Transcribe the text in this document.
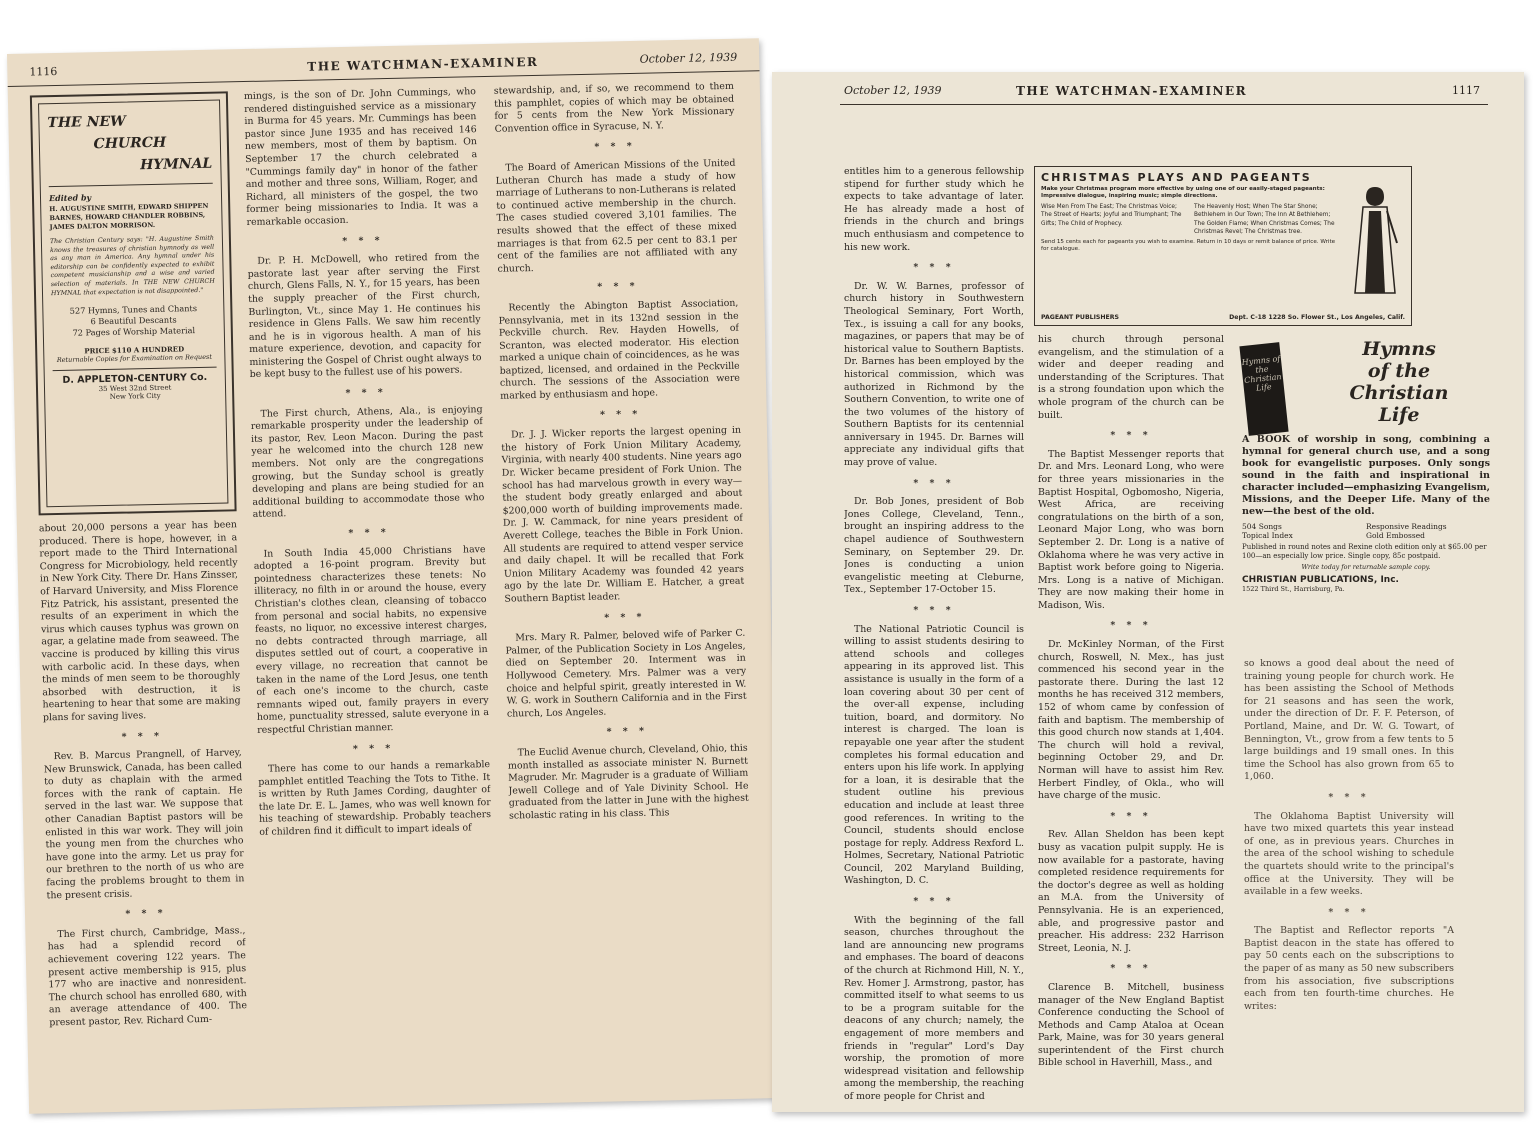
1116	THE WATCHMAN-EXAMINER	October 12, 1939
THE NEW
CHURCH
HYMNAL
Edited by
H. AUGUSTINE SMITH, EDWARD SHIPPEN BARNES, HOWARD CHANDLER ROBBINS, JAMES DALTON MORRISON.
The Christian Century says: "H. Augustine Smith knows the treasures of christian hymnody as well as any man in America. Any hymnal under his editorship can be confidently expected to exhibit competent musicianship and a wise and varied selection of materials. In THE NEW CHURCH HYMNAL that expectation is not disappointed."
527 Hymns, Tunes and Chants
6 Beautiful Descants
72 Pages of Worship Material
PRICE $110 A HUNDRED
Returnable Copies for Examination on Request
D. APPLETON-CENTURY Co.
35 West 32nd Street
New York City

about 20,000 persons a year has been produced. There is hope, however, in a report made to the Third International Congress for Microbiology, held recently in New York City. There Dr. Hans Zinsser, of Harvard University, and Miss Florence Fitz Patrick, his assistant, presented the results of an experiment in which the virus which causes typhus was grown on agar, a gelatine made from seaweed. The vaccine is produced by killing this virus with carbolic acid. In these days, when the minds of men seem to be thoroughly absorbed with destruction, it is heartening to hear that some are making plans for saving lives.

* * *

Rev. B. Marcus Prangnell, of Harvey, New Brunswick, Canada, has been called to duty as chaplain with the armed forces with the rank of captain. He served in the last war. We suppose that other Canadian Baptist pastors will be enlisted in this war work. They will join the young men from the churches who have gone into the army. Let us pray for our brethren to the north of us who are facing the problems brought to them in the present crisis.

* * *

The First church, Cambridge, Mass., has had a splendid record of achievement covering 122 years. The present active membership is 915, plus 177 who are inactive and nonresident. The church school has enrolled 680, with an average attendance of 400. The present pastor, Rev. Richard Cum-

mings, is the son of Dr. John Cummings, who rendered distinguished service as a missionary in Burma for 45 years. Mr. Cummings has been pastor since June 1935 and has received 146 new members, most of them by baptism. On September 17 the church celebrated a "Cummings family day" in honor of the father and mother and three sons, William, Roger, and Richard, all ministers of the gospel, the two former being missionaries to India. It was a remarkable occasion.

* * *

Dr. P. H. McDowell, who retired from the pastorate last year after serving the First church, Glens Falls, N. Y., for 15 years, has been the supply preacher of the First church, Burlington, Vt., since May 1. He continues his residence in Glens Falls. We saw him recently and he is in vigorous health. A man of his mature experience, devotion, and capacity for ministering the Gospel of Christ ought always to be kept busy to the fullest use of his powers.

* * *

The First church, Athens, Ala., is enjoying remarkable prosperity under the leadership of its pastor, Rev. Leon Macon. During the past year he welcomed into the church 128 new members. Not only are the congregations growing, but the Sunday school is greatly developing and plans are being studied for an additional building to accommodate those who attend.

* * *

In South India 45,000 Christians have adopted a 16-point program. Brevity but pointedness characterizes these tenets: No illiteracy, no filth in or around the house, every Christian's clothes clean, cleansing of tobacco from personal and social habits, no expensive feasts, no liquor, no excessive interest charges, no debts contracted through marriage, all disputes settled out of court, a cooperative in every village, no recreation that cannot be taken in the name of the Lord Jesus, one tenth of each one's income to the church, caste remnants wiped out, family prayers in every home, punctuality stressed, salute everyone in a respectful Christian manner.

* * *

There has come to our hands a remarkable pamphlet entitled Teaching the Tots to Tithe. It is written by Ruth James Cording, daughter of the late Dr. E. L. James, who was well known for his teaching of stewardship. Probably teachers of children find it difficult to impart ideals of

stewardship, and, if so, we recommend to them this pamphlet, copies of which may be obtained for 5 cents from the New York Missionary Convention office in Syracuse, N. Y.

* * *

The Board of American Missions of the United Lutheran Church has made a study of how marriage of Lutherans to non-Lutherans is related to continued active membership in the church. The cases studied covered 3,101 families. The results showed that the effect of these mixed marriages is that from 62.5 per cent to 83.1 per cent of the families are not affiliated with any church.

* * *

Recently the Abington Baptist Association, Pennsylvania, met in its 132nd session in the Peckville church. Rev. Hayden Howells, of Scranton, was elected moderator. His election marked a unique chain of coincidences, as he was baptized, licensed, and ordained in the Peckville church. The sessions of the Association were marked by enthusiasm and hope.

* * *

Dr. J. J. Wicker reports the largest opening in the history of Fork Union Military Academy, Virginia, with nearly 400 students. Nine years ago Dr. Wicker became president of Fork Union. The school has had marvelous growth in every way—the student body greatly enlarged and about $200,000 worth of building improvements made. Dr. J. W. Cammack, for nine years president of Averett College, teaches the Bible in Fork Union. All students are required to attend vesper service and daily chapel. It will be recalled that Fork Union Military Academy was founded 42 years ago by the late Dr. William E. Hatcher, a great Southern Baptist leader.

* * *

Mrs. Mary R. Palmer, beloved wife of Parker C. Palmer, of the Publication Society in Los Angeles, died on September 20. Interment was in Hollywood Cemetery. Mrs. Palmer was a very choice and helpful spirit, greatly interested in W. W. G. work in Southern California and in the First church, Los Angeles.

* * *

The Euclid Avenue church, Cleveland, Ohio, this month installed as associate minister N. Burnett Magruder. Mr. Magruder is a graduate of William Jewell College and of Yale Divinity School. He graduated from the latter in June with the highest scholastic rating in his class. This

October 12, 1939	THE WATCHMAN-EXAMINER	1117
CHRISTMAS PLAYS AND PAGEANTS
Make your Christmas program more effective by using one of our easily-staged pageants: Impressive dialogue, inspiring music; simple directions.
Wise Men From The East; The Christmas Voice; The Street of Hearts; Joyful and Triumphant; The Gifts; The Child of Prophecy.
The Heavenly Host; When The Star Shone; Bethlehem in Our Town; The Inn At Bethlehem; The Golden Flame; When Christmas Comes; The Christmas Revel; The Christmas tree.
Send 15 cents each for pageants you wish to examine. Return in 10 days or remit balance of price. Write for catalogue.
PAGEANT PUBLISHERS	Dept. C-18 1228 So. Flower St., Los Angeles, Calif.
Hymns of the Christian Life
Hymns
of the
Christian
Life
A BOOK of worship in song, combining a hymnal for general church use, and a song book for evangelistic purposes. Only songs sound in the faith and inspirational in character included—emphasizing Evangelism, Missions, and the Deeper Life. Many of the new—the best of the old.
504 Songs	Responsive Readings
Topical Index	Gold Embossed
Published in round notes and Rexine cloth edition only at $65.00 per 100—an especially low price. Single copy, 85c postpaid.
Write today for returnable sample copy.
CHRISTIAN PUBLICATIONS, Inc.
1522 Third St., Harrisburg, Pa.

entitles him to a generous fellowship stipend for further study which he expects to take advantage of later. He has already made a host of friends in the church and brings much enthusiasm and competence to his new work.

* * *

Dr. W. W. Barnes, professor of church history in Southwestern Theological Seminary, Fort Worth, Tex., is issuing a call for any books, magazines, or papers that may be of historical value to Southern Baptists. Dr. Barnes has been employed by the historical commission, which was authorized in Richmond by the Southern Convention, to write one of the two volumes of the history of Southern Baptists for its centennial anniversary in 1945. Dr. Barnes will appreciate any individual gifts that may prove of value.

* * *

Dr. Bob Jones, president of Bob Jones College, Cleveland, Tenn., brought an inspiring address to the chapel audience of Southwestern Seminary, on September 29. Dr. Jones is conducting a union evangelistic meeting at Cleburne, Tex., September 17-October 15.

* * *

The National Patriotic Council is willing to assist students desiring to attend schools and colleges appearing in its approved list. This assistance is usually in the form of a loan covering about 30 per cent of the over-all expense, including tuition, board, and dormitory. No interest is charged. The loan is repayable one year after the student completes his formal education and enters upon his life work. In applying for a loan, it is desirable that the student outline his previous education and include at least three good references. In writing to the Council, students should enclose postage for reply. Address Rexford L. Holmes, Secretary, National Patriotic Council, 202 Maryland Building, Washington, D. C.

* * *

With the beginning of the fall season, churches throughout the land are announcing new programs and emphases. The board of deacons of the church at Richmond Hill, N. Y., Rev. Homer J. Armstrong, pastor, has committed itself to what seems to us to be a program suitable for the deacons of any church; namely, the engagement of more members and friends in "regular" Lord's Day worship, the promotion of more widespread visitation and fellowship among the membership, the reaching of more people for Christ and

his church through personal evangelism, and the stimulation of a wider and deeper reading and understanding of the Scriptures. That is a strong foundation upon which the whole program of the church can be built.

* * *

The Baptist Messenger reports that Dr. and Mrs. Leonard Long, who were for three years missionaries in the Baptist Hospital, Ogbomosho, Nigeria, West Africa, are receiving congratulations on the birth of a son, Leonard Major Long, who was born September 2. Dr. Long is a native of Oklahoma where he was very active in Baptist work before going to Nigeria. Mrs. Long is a native of Michigan. They are now making their home in Madison, Wis.

* * *

Dr. McKinley Norman, of the First church, Roswell, N. Mex., has just commenced his second year in the pastorate there. During the last 12 months he has received 312 members, 152 of whom came by confession of faith and baptism. The membership of this good church now stands at 1,404. The church will hold a revival, beginning October 29, and Dr. Norman will have to assist him Rev. Herbert Findley, of Okla., who will have charge of the music.

* * *

Rev. Allan Sheldon has been kept busy as vacation pulpit supply. He is now available for a pastorate, having completed residence requirements for the doctor's degree as well as holding an M.A. from the University of Pennsylvania. He is an experienced, able, and progressive pastor and preacher. His address: 232 Harrison Street, Leonia, N. J.

* * *

Clarence B. Mitchell, business manager of the New England Baptist Conference conducting the School of Methods and Camp Ataloa at Ocean Park, Maine, was for 30 years general superintendent of the First church Bible school in Haverhill, Mass., and

so knows a good deal about the need of training young people for church work. He has been assisting the School of Methods for 21 seasons and has seen the work, under the direction of Dr. F. F. Peterson, of Portland, Maine, and Dr. W. G. Towart, of Bennington, Vt., grow from a few tents to 5 large buildings and 19 small ones. In this time the School has also grown from 65 to 1,060.

* * *

The Oklahoma Baptist University will have two mixed quartets this year instead of one, as in previous years. Churches in the area of the school wishing to schedule the quartets should write to the principal's office at the University. They will be available in a few weeks.

* * *

The Baptist and Reflector reports "A Baptist deacon in the state has offered to pay 50 cents each on the subscriptions to the paper of as many as 50 new subscribers from his association, five subscriptions each from ten fourth-time churches. He writes:
